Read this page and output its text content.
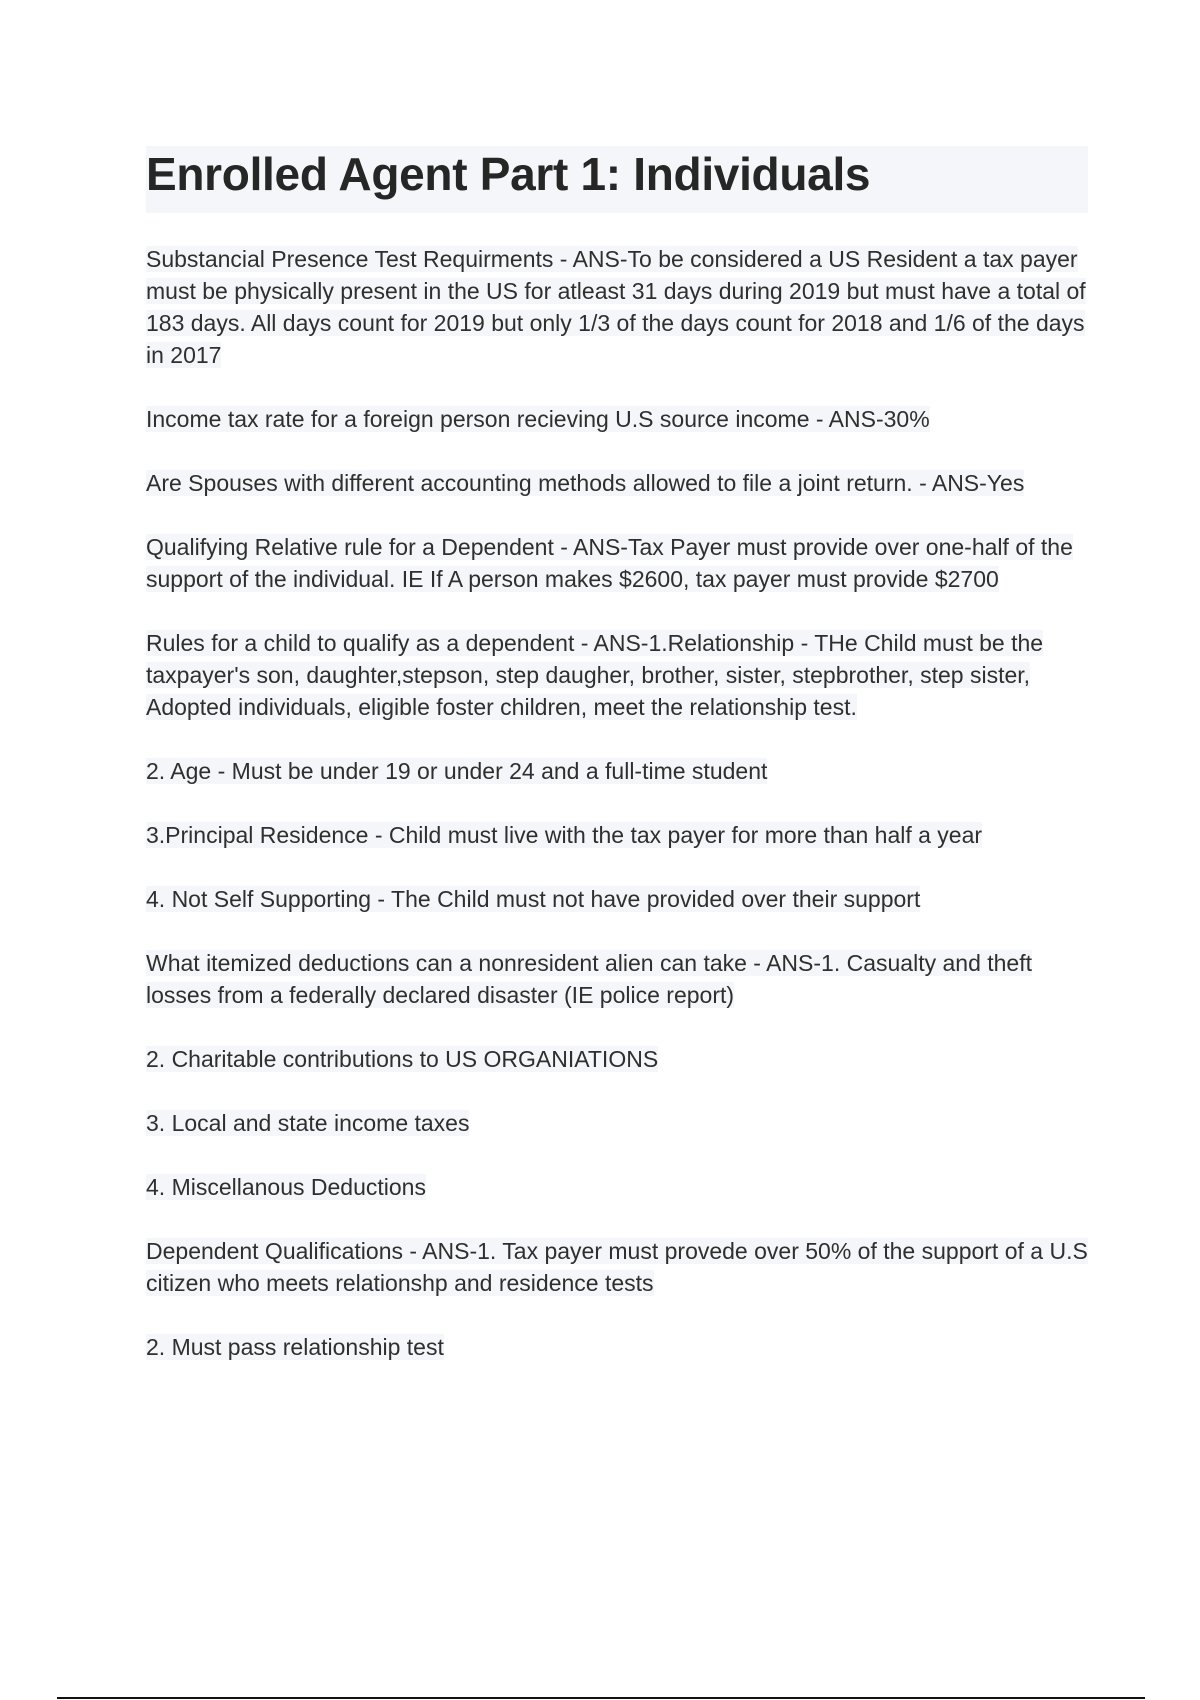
Enrolled Agent Part 1: Individuals

Substancial Presence Test Requirments - ANS-To be considered a US Resident a tax payer must be physically present in the US for atleast 31 days during 2019 but must have a total of 183 days. All days count for 2019 but only 1/3 of the days count for 2018 and 1/6 of the days in 2017

Income tax rate for a foreign person recieving U.S source income - ANS-30%

Are Spouses with different accounting methods allowed to file a joint return. - ANS-Yes

Qualifying Relative rule for a Dependent - ANS-Tax Payer must provide over one-half of the support of the individual. IE If A person makes $2600, tax payer must provide $2700

Rules for a child to qualify as a dependent - ANS-1.Relationship - THe Child must be the taxpayer's son, daughter,stepson, step daugher, brother, sister, stepbrother, step sister, Adopted individuals, eligible foster children, meet the relationship test.

2. Age - Must be under 19 or under 24 and a full-time student

3.Principal Residence - Child must live with the tax payer for more than half a year

4. Not Self Supporting - The Child must not have provided over their support

What itemized deductions can a nonresident alien can take - ANS-1. Casualty and theft losses from a federally declared disaster (IE police report)

2. Charitable contributions to US ORGANIATIONS

3. Local and state income taxes

4. Miscellanous Deductions

Dependent Qualifications - ANS-1. Tax payer must provede over 50% of the support of a U.S citizen who meets relationshp and residence tests

2. Must pass relationship test
